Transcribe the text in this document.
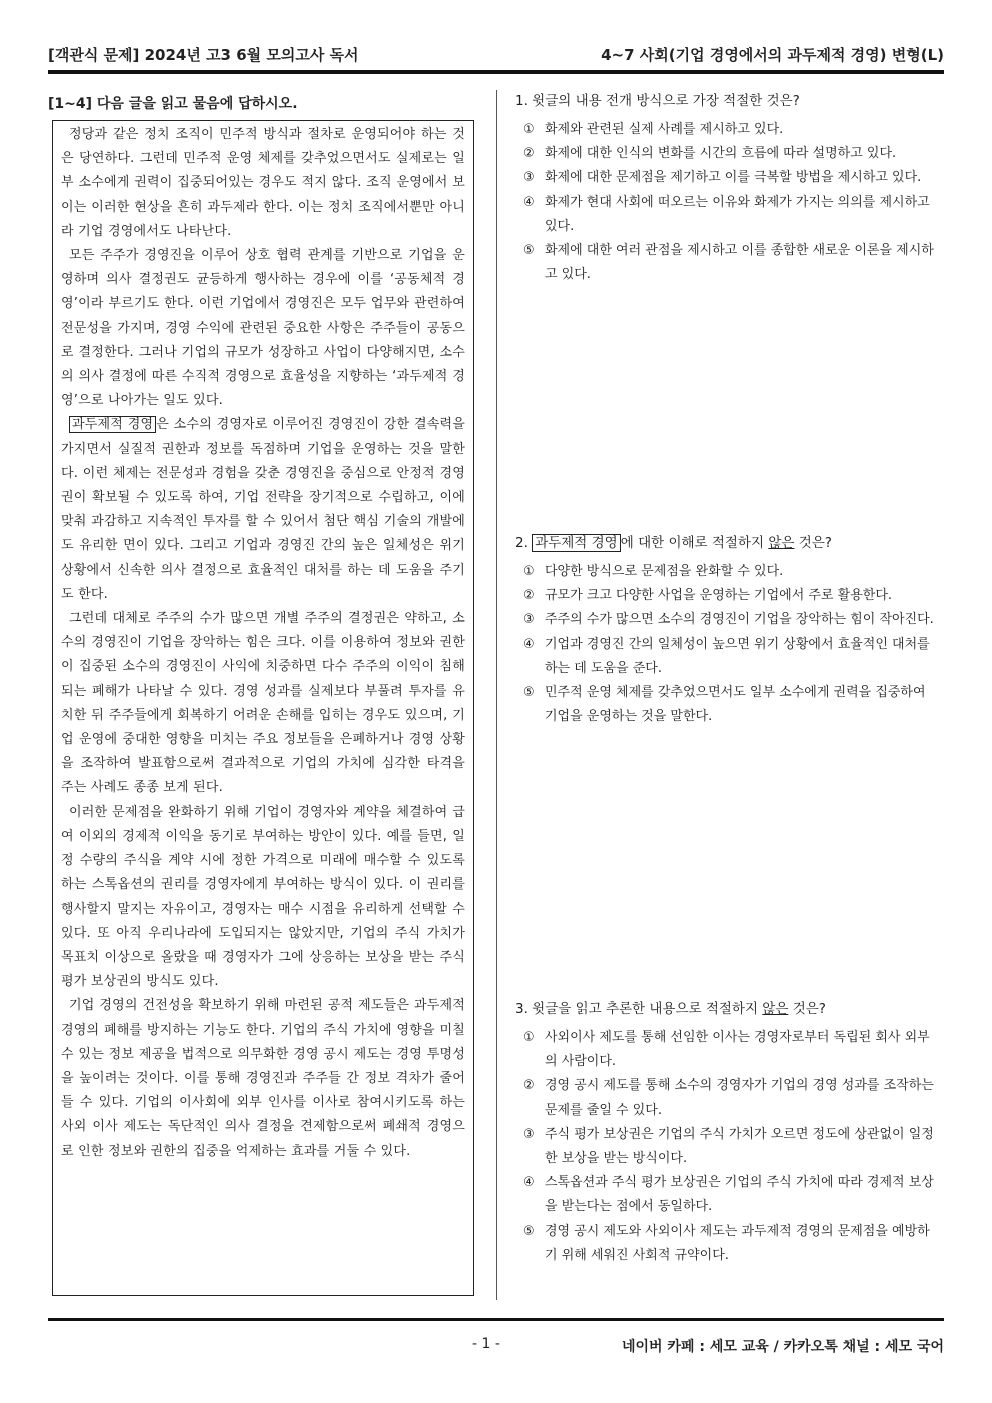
[객관식 문제] 2024년 고3 6월 모의고사 독서	4~7 사회(기업 경영에서의 과두제적 경영) 변형(L)
[1~4] 다음 글을 읽고 물음에 답하시오.

정당과 같은 정치 조직이 민주적 방식과 절차로 운영되어야 하는 것은 당연하다. 그런데 민주적 운영 체제를 갖추었으면서도 실제로는 일부 소수에게 권력이 집중되어있는 경우도 적지 않다. 조직 운영에서 보이는 이러한 현상을 흔히 과두제라 한다. 이는 정치 조직에서뿐만 아니라 기업 경영에서도 나타난다.

모든 주주가 경영진을 이루어 상호 협력 관계를 기반으로 기업을 운영하며 의사 결정권도 균등하게 행사하는 경우에 이를 ‘공동체적 경영’이라 부르기도 한다. 이런 기업에서 경영진은 모두 업무와 관련하여 전문성을 가지며, 경영 수익에 관련된 중요한 사항은 주주들이 공동으로 결정한다. 그러나 기업의 규모가 성장하고 사업이 다양해지면, 소수의 의사 결정에 따른 수직적 경영으로 효율성을 지향하는 ‘과두제적 경영’으로 나아가는 일도 있다.

과두제적 경영 은 소수의 경영자로 이루어진 경영진이 강한 결속력을 가지면서 실질적 권한과 정보를 독점하며 기업을 운영하는 것을 말한다. 이런 체제는 전문성과 경험을 갖춘 경영진을 중심으로 안정적 경영권이 확보될 수 있도록 하여, 기업 전략을 장기적으로 수립하고, 이에 맞춰 과감하고 지속적인 투자를 할 수 있어서 첨단 핵심 기술의 개발에도 유리한 면이 있다. 그리고 기업과 경영진 간의 높은 일체성은 위기 상황에서 신속한 의사 결정으로 효율적인 대처를 하는 데 도움을 주기도 한다.

그런데 대체로 주주의 수가 많으면 개별 주주의 결정권은 약하고, 소수의 경영진이 기업을 장악하는 힘은 크다. 이를 이용하여 정보와 권한이 집중된 소수의 경영진이 사익에 치중하면 다수 주주의 이익이 침해되는 폐해가 나타날 수 있다. 경영 성과를 실제보다 부풀려 투자를 유치한 뒤 주주들에게 회복하기 어려운 손해를 입히는 경우도 있으며, 기업 운영에 중대한 영향을 미치는 주요 정보들을 은폐하거나 경영 상황을 조작하여 발표함으로써 결과적으로 기업의 가치에 심각한 타격을 주는 사례도 종종 보게 된다.

이러한 문제점을 완화하기 위해 기업이 경영자와 계약을 체결하여 급여 이외의 경제적 이익을 동기로 부여하는 방안이 있다. 예를 들면, 일정 수량의 주식을 계약 시에 정한 가격으로 미래에 매수할 수 있도록 하는 스톡옵션의 권리를 경영자에게 부여하는 방식이 있다. 이 권리를 행사할지 말지는 자유이고, 경영자는 매수 시점을 유리하게 선택할 수 있다. 또 아직 우리나라에 도입되지는 않았지만, 기업의 주식 가치가 목표치 이상으로 올랐을 때 경영자가 그에 상응하는 보상을 받는 주식 평가 보상권의 방식도 있다.

기업 경영의 건전성을 확보하기 위해 마련된 공적 제도들은 과두제적 경영의 폐해를 방지하는 기능도 한다. 기업의 주식 가치에 영향을 미칠 수 있는 정보 제공을 법적으로 의무화한 경영 공시 제도는 경영 투명성을 높이려는 것이다. 이를 통해 경영진과 주주들 간 정보 격차가 줄어들 수 있다. 기업의 이사회에 외부 인사를 이사로 참여시키도록 하는 사외 이사 제도는 독단적인 의사 결정을 견제함으로써 폐쇄적 경영으로 인한 정보와 권한의 집중을 억제하는 효과를 거둘 수 있다.

1. 윗글의 내용 전개 방식으로 가장 적절한 것은?

① 화제와 관련된 실제 사례를 제시하고 있다.
② 화제에 대한 인식의 변화를 시간의 흐름에 따라 설명하고 있다.
③ 화제에 대한 문제점을 제기하고 이를 극복할 방법을 제시하고 있다.
④ 화제가 현대 사회에 떠오르는 이유와 화제가 가지는 의의를 제시하고 있다.
⑤ 화제에 대한 여러 관점을 제시하고 이를 종합한 새로운 이론을 제시하고 있다.

2. 과두제적 경영 에 대한 이해로 적절하지 않은 것은?

① 다양한 방식으로 문제점을 완화할 수 있다.
② 규모가 크고 다양한 사업을 운영하는 기업에서 주로 활용한다.
③ 주주의 수가 많으면 소수의 경영진이 기업을 장악하는 힘이 작아진다.
④ 기업과 경영진 간의 일체성이 높으면 위기 상황에서 효율적인 대처를 하는 데 도움을 준다.
⑤ 민주적 운영 체제를 갖추었으면서도 일부 소수에게 권력을 집중하여 기업을 운영하는 것을 말한다.

3. 윗글을 읽고 추론한 내용으로 적절하지 않은 것은?

① 사외이사 제도를 통해 선임한 이사는 경영자로부터 독립된 회사 외부의 사람이다.
② 경영 공시 제도를 통해 소수의 경영자가 기업의 경영 성과를 조작하는 문제를 줄일 수 있다.
③ 주식 평가 보상권은 기업의 주식 가치가 오르면 정도에 상관없이 일정한 보상을 받는 방식이다.
④ 스톡옵션과 주식 평가 보상권은 기업의 주식 가치에 따라 경제적 보상을 받는다는 점에서 동일하다.
⑤ 경영 공시 제도와 사외이사 제도는 과두제적 경영의 문제점을 예방하기 위해 세워진 사회적 규약이다.
- 1 -	네이버 카페 : 세모 교육 / 카카오톡 채널 : 세모 국어
